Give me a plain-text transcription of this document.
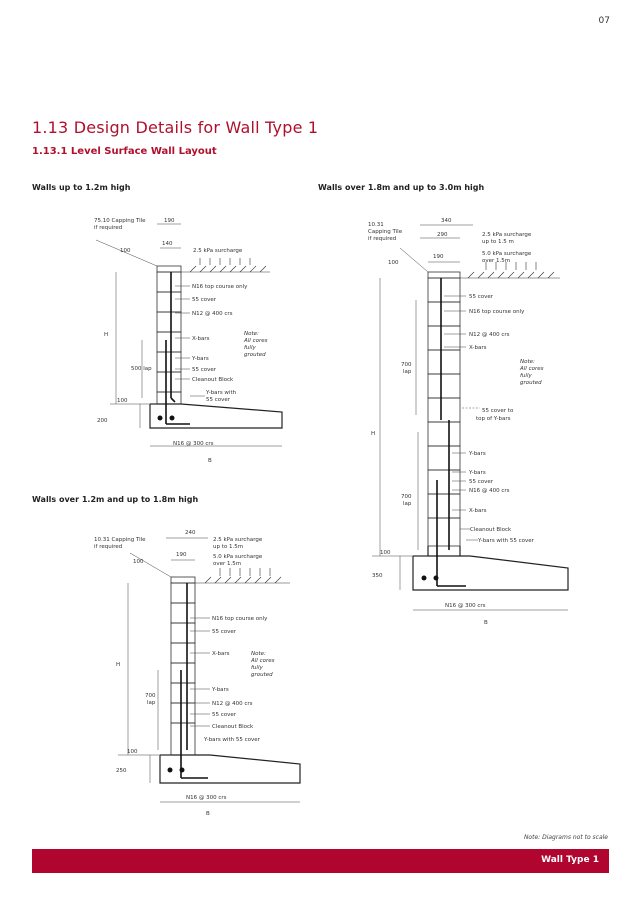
07
1.13 Design Details for Wall Type 1
1.13.1 Level Surface Wall Layout
Walls up to 1.2m high
Walls over 1.2m and up to 1.8m high
Walls over 1.8m and up to 3.0m high
75.10 Capping Tile
if required
190
140
100	2.5 kPa surcharge
N16 top course only
55 cover
N12 @ 400 crs
H
X-bars
Note:
All cores
fully
grouted
500 lap
Y-bars
55 cover
Cleanout Block
100
Y-bars with
55 cover
200
N16 @ 300 crs
B
240
10.31 Capping Tile
if required
190
100
2.5 kPa surcharge
up to 1.5m
5.0 kPa surcharge
over 1.5m
N16 top course only
55 cover
H
X-bars	Note:
All cores
fully
grouted
700
lap
Y-bars
N12 @ 400 crs
55 cover
Cleanout Block
Y-bars with 55 cover
100
250
N16 @ 300 crs
B
10.31
Capping Tile
if required
340
290
190
100
2.5 kPa surcharge
up to 1.5 m
5.0 kPa surcharge
over 1.5m
55 cover
N16 top course only
N12 @ 400 crs
X-bars
Note:
All cores
fully
grouted
700
lap
55 cover to
top of Y-bars
H
Y-bars
Y-bars
55 cover
N16 @ 400 crs
700
lap
X-bars
Cleanout Block
Y-bars with 55 cover
100
350
N16 @ 300 crs
B
Note: Diagrams not to scale
Wall Type 1
